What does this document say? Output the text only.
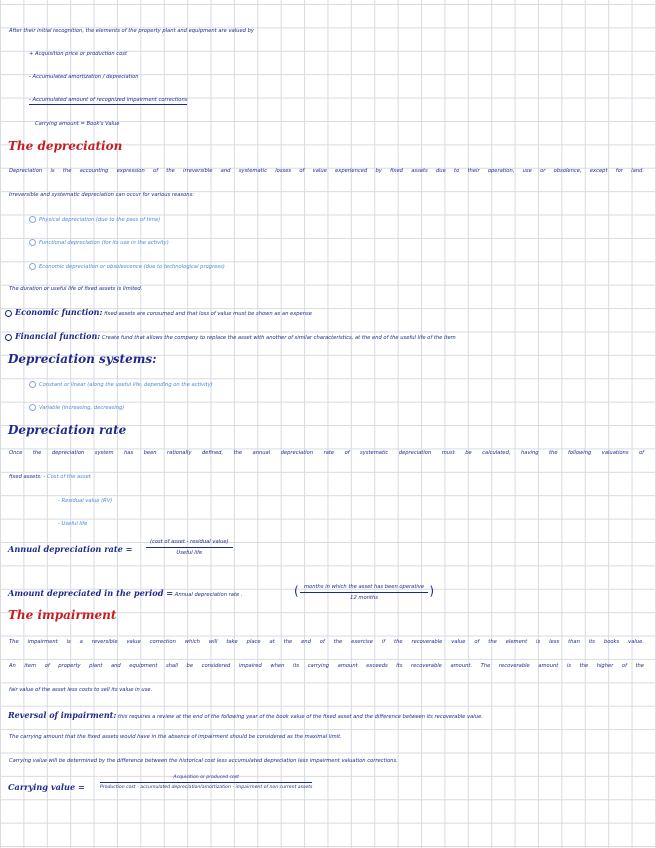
After their initial recognition, the elements of the property plant and equipment are valued by
+ Acquisition price or production cost
- Accumulated amortization / depreciation
- Accumulated amount of recognized impairment corrections
Carrying amount = Book's Value
The depreciation
Depreciation is the accounting expression of the irreversible and systematic losses of value experienced by fixed assets due to their operation, use or obsolence, except for land.
Irreversible and systematic depreciation can occur for various reasons:
Physical depreciation (due to the pass of time)
Functional depreciation (for its use in the activity)
Economic depreciation or obsolescence (due to technological progress)
The duration or useful life of fixed assets is limited.
Economic function: fixed assets are consumed and that loss of value must be shown as an expense
Financial function: Create fund that allows the company to replace the asset with another of similar characteristics, at the end of the useful life of the item
Depreciation systems:
Constant or linear (along the useful life, depending on the activity)
Variable (increasing, decreasing)
Depreciation rate
Once the depreciation system has been rationally defined, the annual depreciation rate of systematic depreciation must be calculated, having the following valuations of
fixed assets: - Cost of the asset
- Residual value (RV)
- Useful life
Annual depreciation rate =
(cost of asset - residual value)
Useful life
Amount depreciated in the period = Annual depreciation rate .	(	months in which the asset has been operative
12 months	)
The impairment
The impairment is a reversible value correction which will take place at the end of the exercise if the recoverable value of the element is less than its books value.
An item of property plant and equipment shall be considered impaired when its carrying amount exceeds its recoverable amount. The recoverable amount is the higher of the
fair value of the asset less costs to sell its value in use.
Reversal of impairment: this requires a review at the end of the following year of the book value of the fixed asset and the difference between its recoverable value.
The carrying amount that the fixed assets would have in the absence of impairment should be considered as the maximal limit.
Carrying value will be determined by the difference between the historical cost less accumulated depreciation less impairment valuation corrections.
Carrying value =
Acquisition or produced cost
Production cost - accumulated depreciation/amortization - impairment of non current assets
